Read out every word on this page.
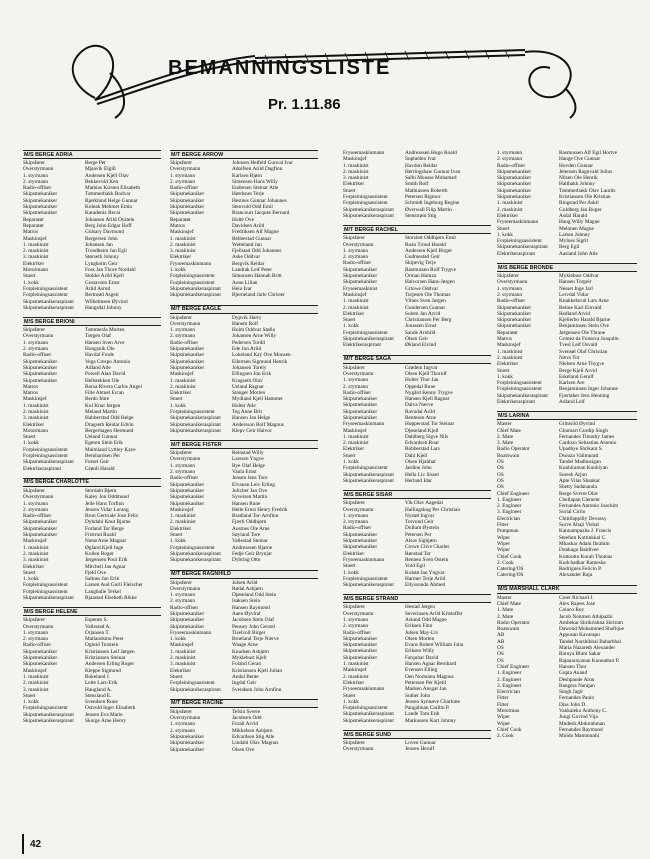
BEMANNINGSLISTE
Pr. 1.11.86
M/S BERGE ADRIA
Skipsfører	Berge Per
Overstyrmann	Mjaavik Eigill
1. styrmann	Andersen Kjell Olav
2. styrmann	Bekkevold Ken
Radio-offiser	Mathias Kirsten Elisabeth
Skipsmekaniker	Tømmerbakk Bodvar
Skipsmekaniker	Bjørklund Helge Gunnar
Skipsmekaniker	Koleak Mehmet Emin
Skipsmekaniker	Karadeniz Recai
Reparatør	Johansen Arild Oystein
Reparatør	Berg John Edgar Hoff
Matros	Gülsary Davmond
Maskinsjef	Bergersen John
1. maskinist	Johansen Jan
2. maskinist	Trondheim Jan Egil
3. maskinist	Størseth Johnny
Elektriker	Lyngholm Geir
Motormann	Foss Jan Thore Nordahl
Stuert	Stokke Arild Kjell
1. kokk	Gustavsen Ernst
Forpleiningsassistent	Arild Asrud
Forpleiningsassistent	Bertnrød Asgeir
Skipsmekanikeraspirant	Wilhelmsen Øyvind
Skipsmekanikeraspirant	Haugsdal Johnny
M/S BERGE BRIONI
Skipsfører	Tømmerås Morten
Overstyrmann	Tørgen Olaf
1. styrmann	Hansen Sven Arve
2. styrmann	Hongsnik Ole
Radio-offiser	Havdal Frode
Skipsmekaniker	Vega Crespo Antonio
Skipsmekaniker	Adland Atle
Skipsmekaniker	Powell Alan David
Skipsmekaniker	Hellstekken Ole
Matros	Borsa Rivera Carlos Angel
Matros	Fille Ahmet Ercan
Maskinsjef	Berdo Imre
1. maskinist	Kul Knut Jørgen
2. maskinist	Meland Martin
3. maskinist	Habberstad Odd Helge
Elektriker	Dragseth Reidar Edvin
Motormann	Bergerhagen Hermund
Stuert	Ueland Gunnar
1. kokk	Egesen Stein Erik
Forpleiningsassistent	Maimland Lyttley Kaye
Forpleiningsassistent	Bernhardsen Per
Skipsmekanikeraspirant	Furset Geir
Elektrikeraspirant	Grønli Harald
M/S BERGE CHARLOTTE
Skipsfører	Stordahl Bjørn
Overstyrmann	Kaley Jon Oddmund
1. styrmann	Jelle Hans Torfinn
2. styrmann	Jensen Vidar Lorang
Radio-offiser	Brun Gertrude Jose Felix
Skipsmekaniker	Dybdahl Knut Bjarne
Skipsmekaniker	Forland Tor Berge
Skipsmekaniker	Fristrud Roald
Maskinsjef	Nærø Arne Magnar
1. maskinist	Øgland Kjell Inge
2. maskinist	Kollen Roger
3. maskinist	Jørgensen Poul Erik
Elektriker	Mitchell Jan Agnar
Stuert	Fjeld Ove
1. kokk	Saltnes Jan Erik
Forpleiningsassistent	Larsen Aud Gurli Fleischer
Forpleiningsassistent	Langballe Terkel
Skipsmekanikeraspirant	Bjaastad Elsebeth Rikke
M/S BERGE HELENE
Skipsfører	Espenes S.
Overstyrmann	Vallestad A.
1. styrmann	Orjansen T.
2. styrmann	Matlandsmo Peter
Radio-offiser	Ogmid Torstein
Skipsmekaniker	Kristiansen Leif Jørgen
Skipsmekaniker	Kristiansen Steinar
Skipsmekaniker	Andersen Erling Roger
Maskinsjef	Kleppe Sigmund
1. maskinist	Bokeland J.
2. maskinist	Leite Lars-Erik
3. maskinist	Haugland A.
Stuert	Stensland E.
1. kokk	Svendsen Rune
Forpleiningsassistent	Ostvold Inger Elisabeth
Skipsmekanikeraspirant	Jensen Eva Marie
Skipsmekanikeraspirant	Skorge Arne Henry
M/T BERGE ARROW
Skipsfører	Johnsen Heifeld Gunval Ivar
Overstyrmann	Adolfsen Arild Dagfinn
1. styrmann	Karlsen Bjørn
2. styrmann	Simensen Hans Willy
Radio-offiser	Endresen Steinar Atle
Skipsmekaniker	Hørdsnes Terje
Skipsmekaniker	Hestnes Gunnar Johannes
Skipsmekaniker	Stenvold Odd Emil
Skipsmekaniker	Brancourt Jacques Bernard
Reparatør	Holte Ove
Matros	Davidsen Arild
Maskinsjef	Fredriksen Alf Magne
1. maskinist	Rebbestad Gunnar
2. maskinist	Wetteland Jan
3. maskinist	Fjellstad Odd Johannes
Elektriker	Aske Oddvar
Fryseemaskinmann	Bergvik Reidar
1. kokk	Landrak Leif Peter
Forpleiningsassistent	Simonsen Hannah Britt
Forpleiningsassistent	Aune Lilian
Skipsmekanikeraspirant	Heia Ivar
Skipsmekanikeraspirant	Bjerneland Jarle Christer
M/T BERGE EAGLE
Skipsfører	Dypvik Harry
Overstyrmann	Hanem Rolf
1. styrmann	Holm Oddvar Stølla
2. styrmann	Johansen Arne Willy
Radio-offiser	Pedersen Tordil
Skipsmekaniker	Ede Jon Arild
Skipsmekaniker	Lokeland Kay Ove Monsen
Skipsmekaniker	Eilertsen Sigmund Henrik
Skipsmekaniker	Johansen Torely
Maskinsjef	Ellingsen Jon Erik
1. maskinist	Kragseth Olav
2. maskinist	Ueland Ragnar
Elektriker	Stanger Morten
Stuert	Mydland Kjell Hammer
1. kokk	Holter Atle
Forpleiningsassistent	Teg Anne Brit
Skipsmekanikeraspirant	Hansen Jan Helge
Skipsmekanikeraspirant	Andersson Rolf Magnus
Skipsmekanikeraspirant	Klepv Geir Halvor
M/T BERGE FISTER
Skipsfører	Reinstad Willy
Overstyrmann	Larssen Yngve
1. styrmann	Rye Olaf Helge
2. styrmann	Vaula Ernst
Radio-offiser	Jensen Jens Tore
Skipsmekaniker	Elvanan Leiv Erling
Skipsmekaniker	Julicher Jan Ove
Skipsmekaniker	Syversen Martin
Skipsmekaniker	Hansen Rune
Maskinsjef	Helle Ernst Henry Fredrik
1. maskinist	Bradland Tor-Arnfinn
2. maskinist	Fjærli Oddbjørn
Elektriker	Austnes Ole Arne
Stuert	Søyland Tore
1. kokk	Vallestad Steinar
Forpleiningsassistent	Andreassen Bjarne
Skipsmekanikeraspirant	Fedje Geir Brynjar
Skipsmekanikeraspirant	Dybring Otto
M/T BERGE RAGNHILD
Skipsfører	Julsen Arild
Overstyrmann	Rødal Asbjørn
1. styrmann	Djøseland Odd Stein
2. styrmann	Isaksen Stein
Radio-offiser	Hansen Raymond
Skipsmekaniker	Aaen Øyvind
Skipsmekaniker	Jacobsen Stein Olaf
Skipsmekaniker	Penney John Gerard
Fryseemaskinmann	Tiselvoll Birger
1. kokk	Brueland Terje Nærve
Maskinsjef	Waage Arne
1. maskinist	Knudsen Asbjørn
2. maskinist	Myklebust Kjell
3. maskinist	Foland Geran
Elektriker	Kristiansen Kjell Julian
Stuert	Andal Bente
Forpleiningsassistent	Ingdal Geir
Skipsmekanikeraspirant	Svendsen John Arnfinn
M/T BERGE RACINE
Skipsfører	Tefsin Sverre
Overstyrmann	Jacobsen Odd
1. styrmann	Furali Arvid
2. styrmann	Mikkelsen Asbjørn
Skipsmekaniker	Edvardsen Stig Atle
Skipsmekaniker	Lindahl Olav Magnus
Skipsmekaniker	Olsen Ove
Fryseemaskinmann	Andreassen Hugo Roald
Maskinsjef	Suphellen Ivar
1. maskinist	Havdon Reidar
2. maskinist	Herringshaw Gunnar Ivan
3. maskinist	Salhi Mousse Mohamed
Elektriker	Smith Rolf
Stuert	Mathiassen Roberth
Forpleiningsassistent	Petersen Rigmor
Forpleiningsassistent	Schmidt Ingeborg Regine
Skipsmekanikeraspirant	Øverwall Filip Martin
Skipsmekanikeraspirant	Stenstrøm Stig
M/T BERGE RACHEL
Skipsfører	Storslett Oddbjørn Emil
Overstyrmann	Roan Trond Harald
1. styrmann	Andersen Kjell Birger
2. styrmann	Gudmestad Geir
Radio-offiser	Skipevig Terje
Skipsmekaniker	Rasmussen Rolf Trygve
Skipsmekaniker	Orman Hamza
Skipsmekaniker	Halvorsen Hans-Jørgen
Fryseemaskinist	Grtowe Oddvar
Maskinsjef	Torjesen Ole Thomas
1. maskinist	Vilnes Sven Jørgen
2. maskinist	Gundersen Gunnar
Elektriker	Solem Jan Arvid
Stuert	Christiansen Per Berg
1. kokk	Jonassen Ernst
Forpleiningsassistent	Sande Arnhild
Skipsmekanikeraspirant	Olsen Geir
Elektrikeraspirant	Økland Eivind
M/T BERGE SAGA
Skipsfører	Grødem Ingvar
Overstyrmann	Olsen Kjell Thorolf
1. styrmann	Holter Thor Jan
2. styrmann	Oppedal Rune
Radio-offiser	Nygård Kenny Trygve
Skipsmekaniker	Hansen Kjell Ragnar
Skipsmekaniker	Dalva Nærve
Skipsmekaniker	Ravndal Arild
Skipsmekaniker	Bentesen Arne
Fryseemaskinmann	Hopperstad Tor Steinar
Maskinsjef	Djøseland Kjell
1. maskinist	Dahlberg Sigve Nils
2. maskinist	Edvardsen Roar
Elektriker	Robberstad Lars
Stuert	Dahl Kjell
1. kokk	Olsen Hjalmar
Forpleiningsassistent	Jardine John
Skipsmekanikeraspirant	Hella Liv Sissel
Skipsmekanikeraspirant	Herland Idar
M/S BERGE SISAR
Skipsfører	Vik Olav Aagedal
Overstyrmann	Hallingskog Per Christian
1. styrmann	Nystøl Ingvar
2. styrmann	Torvund Geir
Radio-offiser	Dullum Øystein
Skipsmekaniker	Petersen Per
Skipsmekaniker	Alsos Sigbjørn
Skipsmekaniker	Crowe Clive Charles
Elektriker	Rønstad Tor
Fryseemaskinmann	Rennen Sven Ostein
Stuert	Vold Egil
1. kokk	Kolstø Jan Yngvar
Forpleiningsassistent	Harmer Terje Arild
Skipsmekanikeraspirant	Ellyssundu Ahmed
M/S BERGE STRAND
Skipsfører	Hestad Jørgen
Overstyrmann	Severinsen Arild Kristoffer
1. styrmann	Aslund Odd Magne
2. styrmann	Eriksen Finn
Radio-offiser	Julsen May-Liv
Skipsmekaniker	Olsen Morten
Skipsmekaniker	Evans Robert William John
Skipsmekaniker	Eriksen Willy
Skipsmekaniker	Farquhar David
1. maskinist	Hansen Agnar Bernhard
Maskinsjef	Evensen Elling
2. maskinist	Oen Normann Magnus
Elektriker	Pettersen Per Kjetil
Fryseemaskinmann	Madsen Ansgar Jan
Stuert	Suther John
1. kokk	Jensen Synnøve Charlotte
Forpleiningsassistent	Pangalinan Carlito P.
Skipsmekanikeraspirant	Lande Tom Erik
Skipsmekanikeraspirant	Markussen Kurt Johnny
M/S BERGE SUND
Skipsfører	Loven Gunnar
Overstyrmann	Jensen Herulf
1. styrmann	Rasmussen Alf Egil Hortve
2. styrmann	Hauge Ove Gunnar
Radio-offiser	Hovden Gunnar
Skipsmekaniker	Jetensen Ragnvald Julius
Skipsmekaniker	Nilsen Ole Henrik
Skipsmekaniker	Halthakk Johnny
Skipsmekaniker	Tømmerbakk Olav Laurits
Skipsmekaniker	Kristiansen Ole Kristian
1. maskinist	Ringstad Per Askil
2. maskinist	Guldberg Jan Roger
Elektriker	Asdal Harald
Fryseemaskinmann	Haug Willy Magne
Stuert	Melonen Magne
1. kokk	Larsen Johnny
Forpleiningsassistent	Mylnes Sigrit
Skipsmekanikeraspirant	Berg Egil
Elektrikeraspirant	Aasland John Atle
M/S BERGE BRONDE
Skipsfører	Myklebust Oddvar
Overstyrmann	Hansen Torgeir
1. styrmann	Nesset Inge Jarl
2. styrmann	Lervdal Vidar
Radio-offiser	Knukkelsrud Lars Arne
Skipsmekaniker	Reime Karl Einvald
Skipsmekaniker	Redland Arvid
Skipsmekaniker	Kjellerbo Harald Bjarne
Skipsmekaniker	Benjaminsen Stein Ove
Reparatør	Jørgensen Ole Thrane
Matros	Gomez da Fonseca Joaquim
Maskinsjef	Tvesi Leif Osvald
1. maskinist	Svensøl Olaf Christian
2. maskinist	Nævs Tor
Elektriker	Nielsen Arne Thygve
Stuert	Berge Kjell Arvid
1. kokk	Eskeland Gerulf
Forpleiningsassistent	Karlsen Are
Forpleiningsassistent	Benjaminsen Inger Johanne
Skipsmekanikeraspirant	Fjærtaker Jens Henning
Elektrikeraspirant	Adland Leif
M/S LARINA
Master	Grimsild Øyvind
Chief Mate	Ghumari Gurdip Singh
2. Mate	Fernandes Timothy James
3. Mate	Cardozo Sebastian Arsenio
Radio Operator	Upadhye Shrikant S.
Boatswain	Dsouza Valimurad
OS	Tandel Madhusigan
OS	Kunhiraman Kunhiyan
OS	Suresh Arjun
OS	Apte Vilas Shankar
OS	Shetty Sadananda
Chief Engineer	Berge Sverre Olav
1. Engineer	Chellapan Clement
2. Engineer	Fernandes Antonio Joachim
3. Engineer	Surial Cirilo
Electrician	Chittilappilly Devassy
Fitter	Surve Abaji Vishal
Pumpman	Kannampuzha J. Francis
Wiper	Steefam Kuttinkkal C.
Wiper	Mhaskar Adam Ibrahim
Wiper	Donkagu Baldivee
Chief Cook	Kottoottu Korah Thomas
2. Cook	Kudchadkar Ramesha
Catering/OS	Rodrigues Felicio P.
Catering/OS	Alexander Raju
M/S MARSHALL CLARK
Master	Creer Richard J.
Chief Mate	Alex Rajees Jose
1. Mate	Colaco Roy
2. Mate	Jacob Nonmen Athipazhi
Radio Operator	Ambekar Shrikrishna Shriram
Boatswain	Dawood Mohammed Shafique
AB	Appusan Kavarapu
AB	Tandel Narshibhai Babarbhai
OS	Maria Nazareth Alexander
OS	Baruya Bhim Sakar
OS	Rajanarayanan Kunnathur P.
Chief Engineer	Hansen Thor
1. Engineer	Gupta Anand
2. Engineer	Deshpande Arun
3. Engineer	Bangera Narajan
Electrician	Singh Jagir
Fitter	Fernandes Paulo
Fitter	Dias John D.
Motorman	Vankaleko Anthony C.
Wiper	Jungi Govind Vija
Wiper	Mudesh Abdurahman
Chief Cook	Fernandes Raymond
2. Cook	Moidu Mammunhi
42
